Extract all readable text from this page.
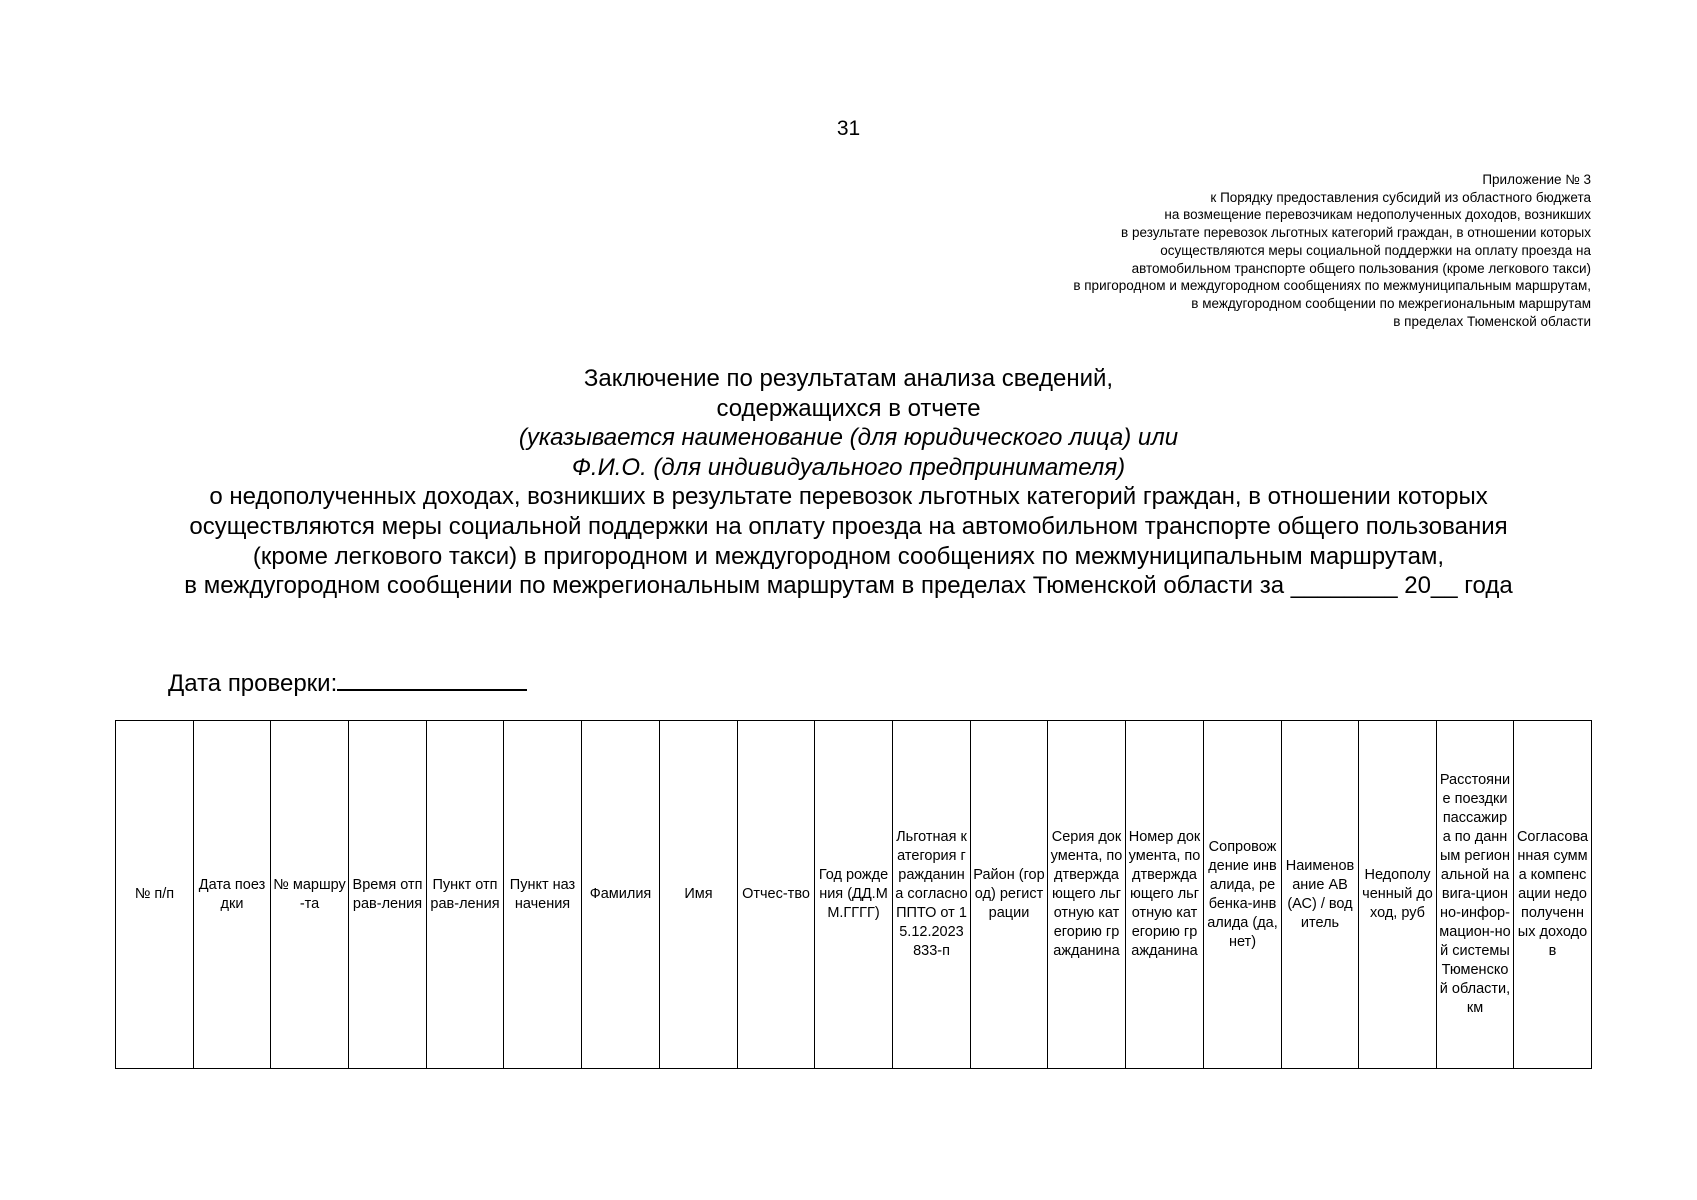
31
Приложение № 3
к Порядку предоставления субсидий из областного бюджета
на возмещение перевозчикам недополученных доходов, возникших
в результате перевозок льготных категорий граждан, в отношении которых
осуществляются меры социальной поддержки на оплату проезда на
автомобильном транспорте общего пользования (кроме легкового такси)
в пригородном и междугородном сообщениях по межмуниципальным маршрутам,
в междугородном сообщении по межрегиональным маршрутам
в пределах Тюменской области
Заключение по результатам анализа сведений,
содержащихся в отчете
(указывается наименование (для юридического лица) или
Ф.И.О. (для индивидуального предпринимателя)
о недополученных доходах, возникших в результате перевозок льготных категорий граждан, в отношении которых
осуществляются меры социальной поддержки на оплату проезда на автомобильном транспорте общего пользования
(кроме легкового такси) в пригородном и междугородном сообщениях по межмуниципальным маршрутам,
в междугородном сообщении по межрегиональным маршрутам в пределах Тюменской области за ________ 20__ года
Дата проверки:
№ п/п	Дата поездки	№ маршру-та	Время отправ-ления	Пункт отправ-ления	Пункт назначения	Фамилия	Имя	Отчес-тво	Год рождения (ДД.ММ.ГГГГ)	Льготная категория гражданина согласно ППТО от 15.12.2023 833-п	Район (город) регистрации	Серия документа, подтверждающего льготную категорию гражданина	Номер документа, подтверждающего льготную категорию гражданина	Сопровождение инвалида, ребенка-инвалида (да, нет)	Наименование АВ (АС) / водитель	Недополученный доход, руб	Расстояние поездки пассажира по данным региональной навига-ционно-инфор-мацион-ной системы Тюменской области, км	Согласованная сумма компенсации недополученных доходов
